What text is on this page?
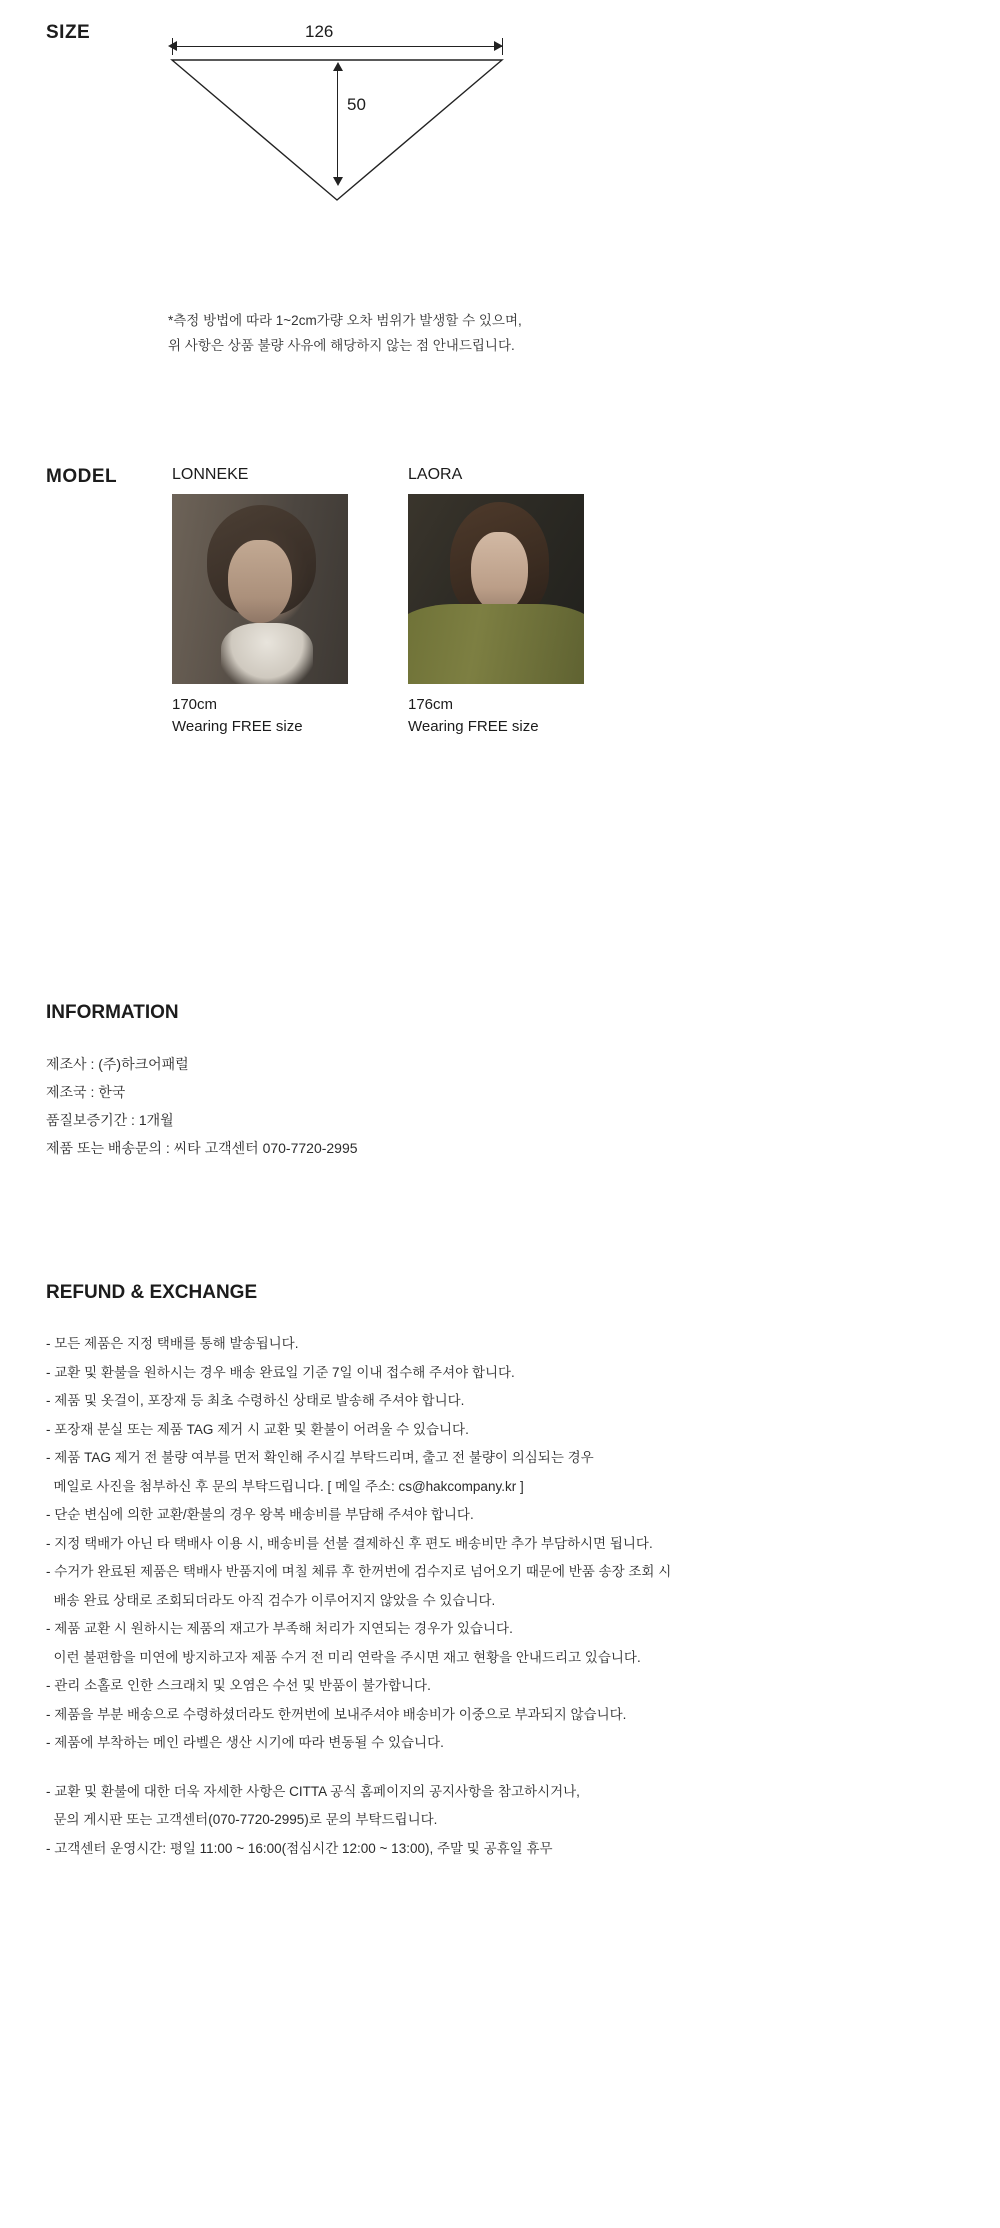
SIZE	126
50
*측정 방법에 따라 1~2cm가량 오차 범위가 발생할 수 있으며,
위 사항은 상품 불량 사유에 해당하지 않는 점 안내드립니다.
MODEL	LONNEKE
170cm
Wearing FREE size
LAORA
176cm
Wearing FREE size
INFORMATION
제조사 : (주)하크어패럴
제조국 : 한국
품질보증기간 : 1개월
제품 또는 배송문의 : 씨타 고객센터 070-7720-2995
REFUND & EXCHANGE
- 모든 제품은 지정 택배를 통해 발송됩니다.
- 교환 및 환불을 원하시는 경우 배송 완료일 기준 7일 이내 접수해 주셔야 합니다.
- 제품 및 옷걸이, 포장재 등 최초 수령하신 상태로 발송해 주셔야 합니다.
- 포장재 분실 또는 제품 TAG 제거 시 교환 및 환불이 어려울 수 있습니다.
- 제품 TAG 제거 전 불량 여부를 먼저 확인해 주시길 부탁드리며, 출고 전 불량이 의심되는 경우
메일로 사진을 첨부하신 후 문의 부탁드립니다. [ 메일 주소: cs@hakcompany.kr ]
- 단순 변심에 의한 교환/환불의 경우 왕복 배송비를 부담해 주셔야 합니다.
- 지정 택배가 아닌 타 택배사 이용 시, 배송비를 선불 결제하신 후 편도 배송비만 추가 부담하시면 됩니다.
- 수거가 완료된 제품은 택배사 반품지에 며칠 체류 후 한꺼번에 검수지로 넘어오기 때문에 반품 송장 조회 시
배송 완료 상태로 조회되더라도 아직 검수가 이루어지지 않았을 수 있습니다.
- 제품 교환 시 원하시는 제품의 재고가 부족해 처리가 지연되는 경우가 있습니다.
이런 불편함을 미연에 방지하고자 제품 수거 전 미리 연락을 주시면 재고 현황을 안내드리고 있습니다.
- 관리 소홀로 인한 스크래치 및 오염은 수선 및 반품이 불가합니다.
- 제품을 부분 배송으로 수령하셨더라도 한꺼번에 보내주셔야 배송비가 이중으로 부과되지 않습니다.
- 제품에 부착하는 메인 라벨은 생산 시기에 따라 변동될 수 있습니다.
- 교환 및 환불에 대한 더욱 자세한 사항은 CITTA 공식 홈페이지의 공지사항을 참고하시거나,
문의 게시판 또는 고객센터(070-7720-2995)로 문의 부탁드립니다.
- 고객센터 운영시간: 평일 11:00 ~ 16:00(점심시간 12:00 ~ 13:00), 주말 및 공휴일 휴무
